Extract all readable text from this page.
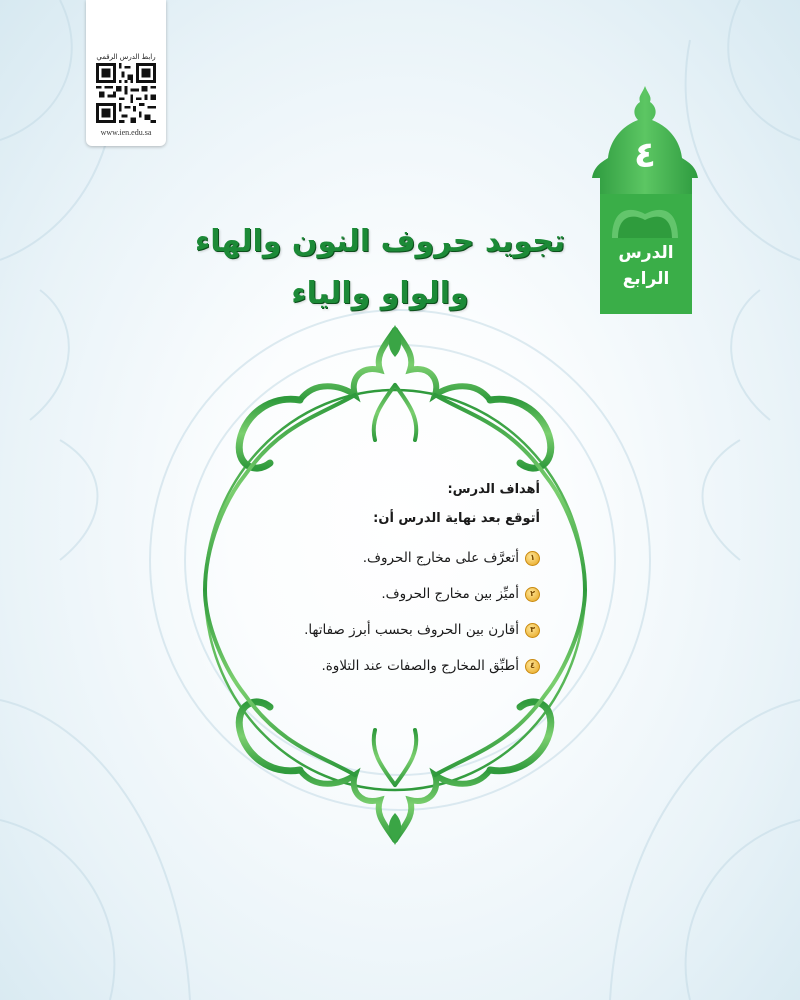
رابط الدرس الرقمي
www.ien.edu.sa
٤
الدرس
الرابع
تجويد حروف النون والهاء
والواو والياء
أهداف الدرس:
أتوقع بعد نهاية الدرس أن:
١
أتعرَّف على مخارج الحروف.
٢
أميِّز بين مخارج الحروف.
٣
أقارن بين الحروف بحسب أبرز صفاتها.
٤
أطبِّق المخارج والصفات عند التلاوة.
